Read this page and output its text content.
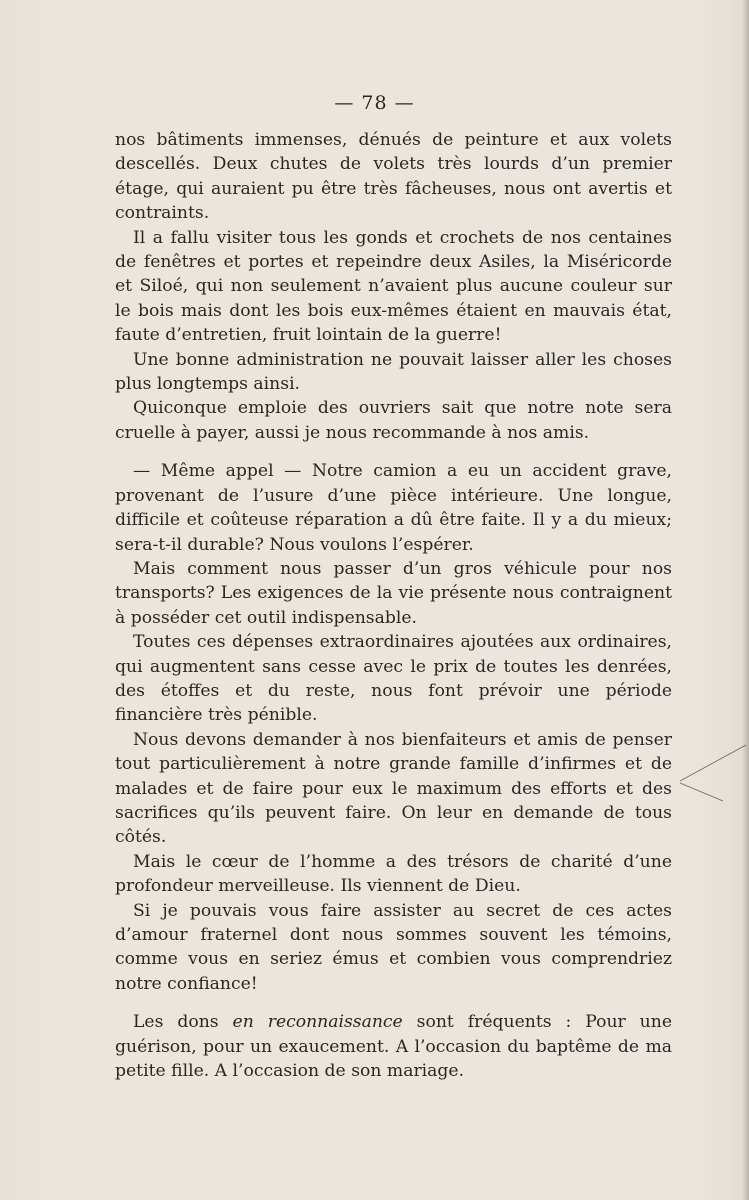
— 78 —

nos bâtiments immenses, dénués de peinture et aux volets descellés. Deux chutes de volets très lourds d’un premier étage, qui auraient pu être très fâcheuses, nous ont avertis et contraints.

Il a fallu visiter tous les gonds et crochets de nos centaines de fenêtres et portes et repeindre deux Asiles, la Miséricorde et Siloé, qui non seulement n’avaient plus aucune couleur sur le bois mais dont les bois eux-mêmes étaient en mauvais état, faute d’entretien, fruit lointain de la guerre!

Une bonne administration ne pouvait laisser aller les choses plus longtemps ainsi.

Quiconque emploie des ouvriers sait que notre note sera cruelle à payer, aussi je nous recommande à nos amis.

— Même appel — Notre camion a eu un accident grave, provenant de l’usure d’une pièce intérieure. Une longue, difficile et coûteuse réparation a dû être faite. Il y a du mieux; sera-t-il durable? Nous voulons l’espérer.

Mais comment nous passer d’un gros véhicule pour nos transports? Les exigences de la vie présente nous contraignent à posséder cet outil indispensable.

Toutes ces dépenses extraordinaires ajoutées aux ordinaires, qui augmentent sans cesse avec le prix de toutes les denrées, des étoffes et du reste, nous font prévoir une période financière très pénible.

Nous devons demander à nos bienfaiteurs et amis de penser tout particulièrement à notre grande famille d’infirmes et de malades et de faire pour eux le maximum des efforts et des sacrifices qu’ils peuvent faire. On leur en demande de tous côtés.

Mais le cœur de l’homme a des trésors de charité d’une profondeur merveilleuse. Ils viennent de Dieu.

Si je pouvais vous faire assister au secret de ces actes d’amour fraternel dont nous sommes souvent les témoins, comme vous en seriez émus et combien vous comprendriez notre confiance!

Les dons en reconnaissance sont fréquents : Pour une guérison, pour un exaucement. A l’occasion du baptême de ma petite fille. A l’occasion de son mariage.
